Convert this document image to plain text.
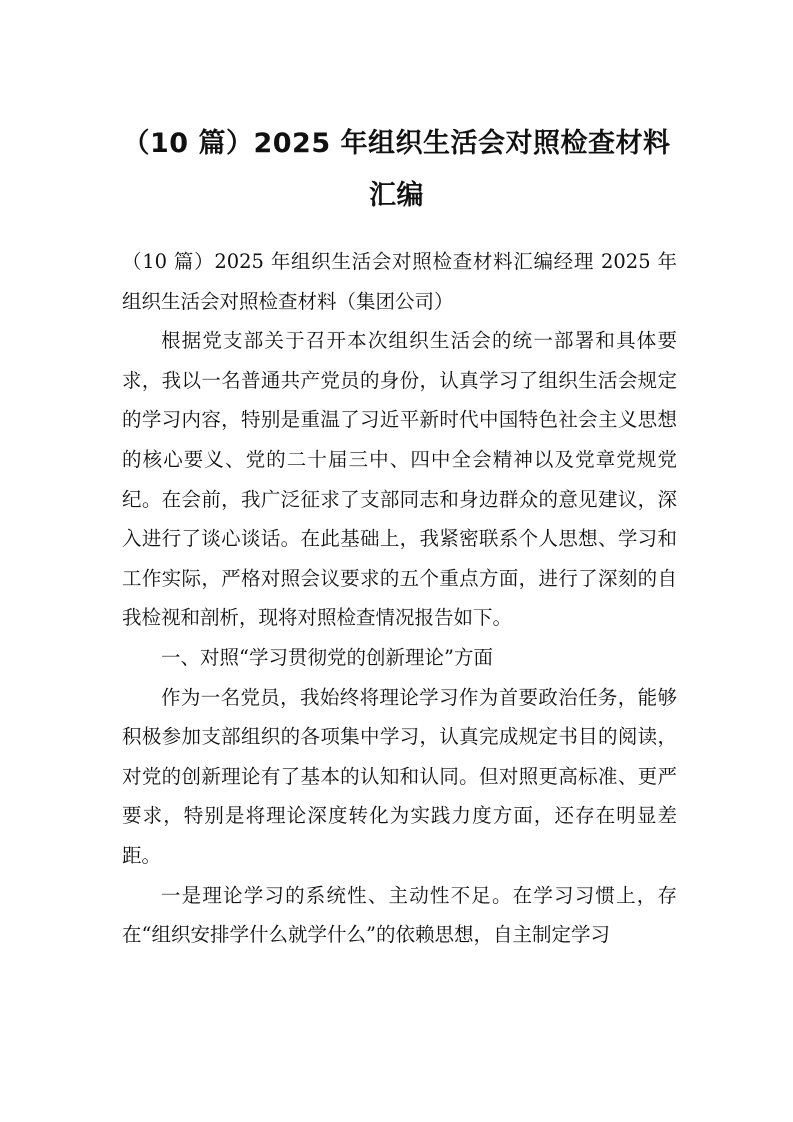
（10 篇）2025 年组织生活会对照检查材料汇编

（10 篇）2025 年组织生活会对照检查材料汇编经理 2025 年组织生活会对照检查材料（集团公司）

根据党支部关于召开本次组织生活会的统一部署和具体要求，我以一名普通共产党员的身份，认真学习了组织生活会规定的学习内容，特别是重温了习近平新时代中国特色社会主义思想的核心要义、党的二十届三中、四中全会精神以及党章党规党纪。在会前，我广泛征求了支部同志和身边群众的意见建议，深入进行了谈心谈话。在此基础上，我紧密联系个人思想、学习和工作实际，严格对照会议要求的五个重点方面，进行了深刻的自我检视和剖析，现将对照检查情况报告如下。

一、对照“学习贯彻党的创新理论”方面

作为一名党员，我始终将理论学习作为首要政治任务，能够积极参加支部组织的各项集中学习，认真完成规定书目的阅读，对党的创新理论有了基本的认知和认同。但对照更高标准、更严要求，特别是将理论深度转化为实践力度方面，还存在明显差距。

一是理论学习的系统性、主动性不足。在学习习惯上，存在“组织安排学什么就学什么”的依赖思想，自主制定学习
